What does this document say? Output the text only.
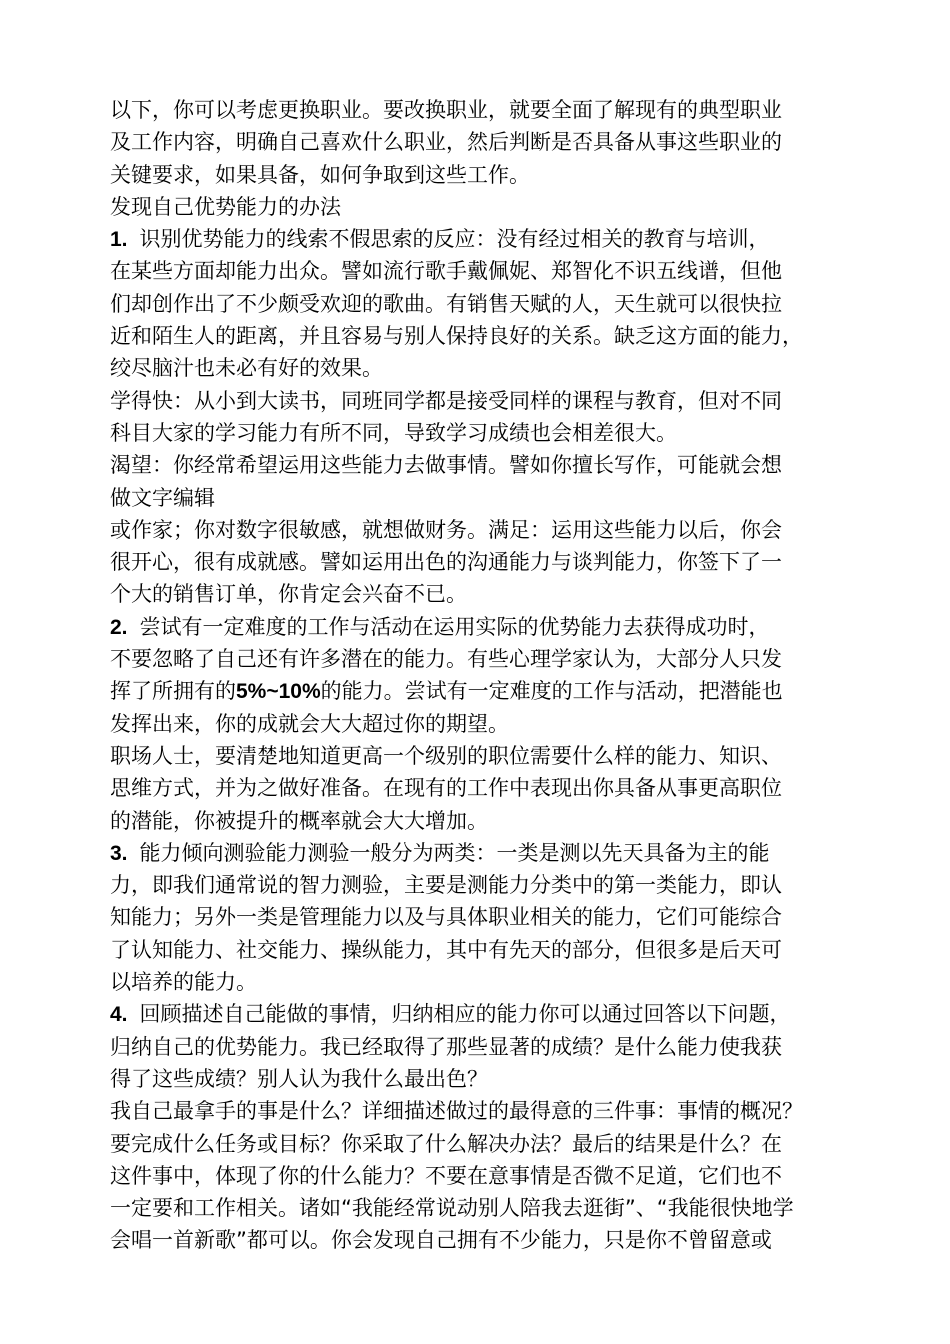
以下，你可以考虑更换职业。要改换职业，就要全面了解现有的典型职业
及工作内容，明确自己喜欢什么职业，然后判断是否具备从事这些职业的
关键要求，如果具备，如何争取到这些工作。
发现自己优势能力的办法
1. 识别优势能力的线索不假思索的反应：没有经过相关的教育与培训，
在某些方面却能力出众。譬如流行歌手戴佩妮、郑智化不识五线谱，但他
们却创作出了不少颇受欢迎的歌曲。有销售天赋的人，天生就可以很快拉
近和陌生人的距离，并且容易与别人保持良好的关系。缺乏这方面的能力，
绞尽脑汁也未必有好的效果。
学得快：从小到大读书，同班同学都是接受同样的课程与教育，但对不同
科目大家的学习能力有所不同，导致学习成绩也会相差很大。
渴望：你经常希望运用这些能力去做事情。譬如你擅长写作，可能就会想
做文字编辑
或作家；你对数字很敏感，就想做财务。满足：运用这些能力以后，你会
很开心，很有成就感。譬如运用出色的沟通能力与谈判能力，你签下了一
个大的销售订单，你肯定会兴奋不已。
2. 尝试有一定难度的工作与活动在运用实际的优势能力去获得成功时，
不要忽略了自己还有许多潜在的能力。有些心理学家认为，大部分人只发
挥了所拥有的5%~10%的能力。尝试有一定难度的工作与活动，把潜能也
发挥出来，你的成就会大大超过你的期望。
职场人士，要清楚地知道更高一个级别的职位需要什么样的能力、知识、
思维方式，并为之做好准备。在现有的工作中表现出你具备从事更高职位
的潜能，你被提升的概率就会大大增加。
3. 能力倾向测验能力测验一般分为两类：一类是测以先天具备为主的能
力，即我们通常说的智力测验，主要是测能力分类中的第一类能力，即认
知能力；另外一类是管理能力以及与具体职业相关的能力，它们可能综合
了认知能力、社交能力、操纵能力，其中有先天的部分，但很多是后天可
以培养的能力。
4. 回顾描述自己能做的事情，归纳相应的能力你可以通过回答以下问题，
归纳自己的优势能力。我已经取得了那些显著的成绩？是什么能力使我获
得了这些成绩？别人认为我什么最出色？
我自己最拿手的事是什么？详细描述做过的最得意的三件事：事情的概况？
要完成什么任务或目标？你采取了什么解决办法？最后的结果是什么？在
这件事中，体现了你的什么能力？不要在意事情是否微不足道，它们也不
一定要和工作相关。诸如“我能经常说动别人陪我去逛街”、“我能很快地学
会唱一首新歌”都可以。你会发现自己拥有不少能力，只是你不曾留意或
